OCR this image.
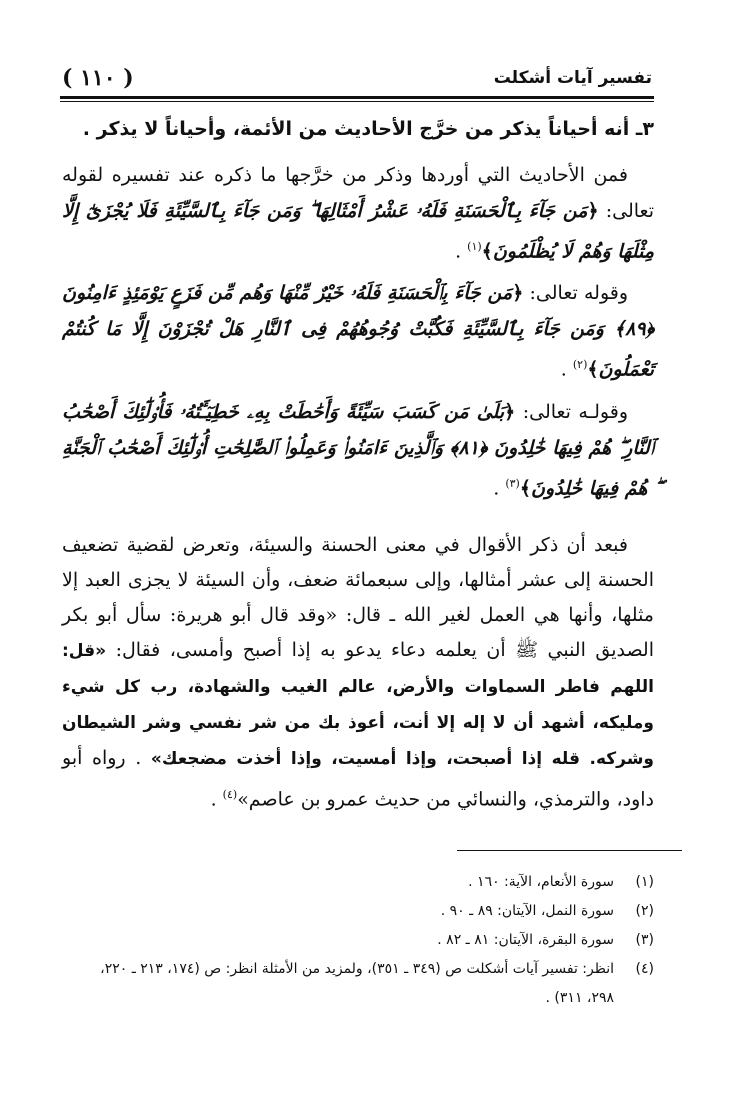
تفسير آيات أشكلت
( ١١٠ )

٣ـ أنه أحياناً يذكر من خرَّج الأحاديث من الأئمة، وأحياناً لا يذكر .

فمن الأحاديث التي أوردها وذكر من خرَّجها ما ذكره عند تفسيره لقوله تعالى: ﴿مَن جَآءَ بِٱلْحَسَنَةِ فَلَهُۥ عَشْرُ أَمْثَالِهَا ۖ وَمَن جَآءَ بِٱلسَّيِّئَةِ فَلَا يُجْزَىٰٓ إِلَّا مِثْلَهَا وَهُمْ لَا يُظْلَمُونَ﴾$^{(١)}$ .

وقوله تعالى: ﴿مَن جَآءَ بِٱلْحَسَنَةِ فَلَهُۥ خَيْرٌ مِّنْهَا وَهُم مِّن فَزَعٍ يَوْمَئِذٍ ءَامِنُونَ ﴿٨٩﴾ وَمَن جَآءَ بِٱلسَّيِّئَةِ فَكُبَّتْ وُجُوهُهُمْ فِى ٱلنَّارِ هَلْ تُجْزَوْنَ إِلَّا مَا كُنتُمْ تَعْمَلُونَ﴾$^{(٢)}$ .

وقولـه تعالى: ﴿بَلَىٰ مَن كَسَبَ سَيِّئَةً وَأَحَٰطَتْ بِهِۦ خَطِيٓـَٔتُهُۥ فَأُو۟لَٰٓئِكَ أَصْحَٰبُ ٱلنَّارِ ۖ هُمْ فِيهَا خَٰلِدُونَ ﴿٨١﴾ وَٱلَّذِينَ ءَامَنُوا۟ وَعَمِلُوا۟ ٱلصَّٰلِحَٰتِ أُو۟لَٰٓئِكَ أَصْحَٰبُ ٱلْجَنَّةِ ۖ هُمْ فِيهَا خَٰلِدُونَ﴾$^{(٣)}$ .

فبعد أن ذكر الأقوال في معنى الحسنة والسيئة، وتعرض لقضية تضعيف الحسنة إلى عشر أمثالها، وإلى سبعمائة ضعف، وأن السيئة لا يجزى العبد إلا مثلها، وأنها هي العمل لغير الله ـ قال: «وقد قال أبو هريرة: سأل أبو بكر الصديق النبي ﷺ أن يعلمه دعاء يدعو به إذا أصبح وأمسى، فقال: «قل: اللهم فاطر السماوات والأرض، عالم الغيب والشهادة، رب كل شيء ومليكه، أشهد أن لا إله إلا أنت، أعوذ بك من شر نفسي وشر الشيطان وشركه. قله إذا أصبحت، وإذا أمسيت، وإذا أخذت مضجعك» . رواه أبو داود، والترمذي، والنسائي من حديث عمرو بن عاصم»$^{(٤)}$ .

(١)
سورة الأنعام، الآية: ١٦٠ .
(٢)
سورة النمل، الآيتان: ٨٩ ـ ٩٠ .
(٣)
سورة البقرة، الآيتان: ٨١ ـ ٨٢ .
(٤)
انظر: تفسير آيات أشكلت ص (٣٤٩ ـ ٣٥١)، ولمزيد من الأمثلة انظر: ص (١٧٤، ٢١٣ ـ ٢٢٠، ٢٩٨، ٣١١) .
